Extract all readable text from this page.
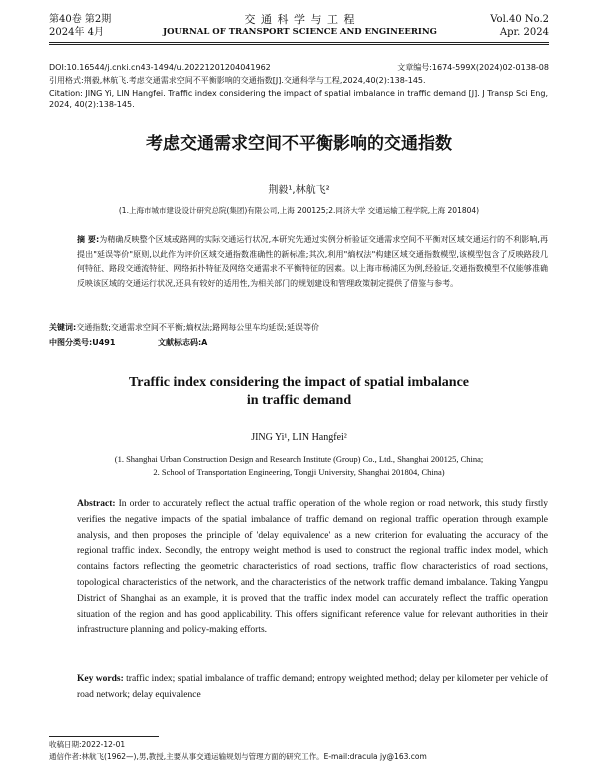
第40卷 第2期
2024年 4月
交 通 科 学 与 工 程
JOURNAL OF TRANSPORT SCIENCE AND ENGINEERING
Vol.40 No.2
Apr. 2024
DOI:10.16544/j.cnki.cn43-1494/u.20221201204041962	文章编号:1674-599X(2024)02-0138-08
引用格式:荆毅,林航飞.考虑交通需求空间不平衡影响的交通指数[J].交通科学与工程,2024,40(2):138-145.
Citation: JING Yi, LIN Hangfei. Traffic index considering the impact of spatial imbalance in traffic demand [J]. J Transp Sci Eng, 2024, 40(2):138-145.
考虑交通需求空间不平衡影响的交通指数
荆毅¹,林航飞²
(1.上海市城市建设设计研究总院(集团)有限公司,上海 200125;2.同济大学 交通运输工程学院,上海 201804)
摘 要:为精确反映整个区域或路网的实际交通运行状况,本研究先通过实例分析验证交通需求空间不平衡对区域交通运行的不利影响,再提出"延误等价"原则,以此作为评价区域交通指数准确性的新标准;其次,利用"熵权法"构建区域交通指数模型,该模型包含了反映路段几何特征、路段交通流特征、网络拓扑特征及网络交通需求不平衡特征的因素。以上海市杨浦区为例,经验证,交通指数模型不仅能够准确反映该区域的交通运行状况,还具有较好的适用性,为相关部门的规划建设和管理政策制定提供了借鉴与参考。
关键词:交通指数;交通需求空间不平衡;熵权法;路网每公里车均延误;延误等价
中图分类号:U491	文献标志码:A
Traffic index considering the impact of spatial imbalance
in traffic demand
JING Yi¹, LIN Hangfei²
(1. Shanghai Urban Construction Design and Research Institute (Group) Co., Ltd., Shanghai 200125, China;
2. School of Transportation Engineering, Tongji University, Shanghai 201804, China)
Abstract: In order to accurately reflect the actual traffic operation of the whole region or road network, this study firstly verifies the negative impacts of the spatial imbalance of traffic demand on regional traffic operation through example analysis, and then proposes the principle of 'delay equivalence' as a new criterion for evaluating the accuracy of the regional traffic index. Secondly, the entropy weight method is used to construct the regional traffic index model, which contains factors reflecting the geometric characteristics of road sections, traffic flow characteristics of road sections, topological characteristics of the network, and the characteristics of the network traffic demand imbalance. Taking Yangpu District of Shanghai as an example, it is proved that the traffic index model can accurately reflect the traffic operation situation of the region and has good applicability. This offers significant reference value for relevant authorities in their infrastructure planning and policy-making efforts.
Key words: traffic index; spatial imbalance of traffic demand; entropy weighted method; delay per kilometer per vehicle of road network; delay equivalence
收稿日期:2022-12-01
通信作者:林航飞(1962—),男,教授,主要从事交通运输规划与管理方面的研究工作。E-mail:dracula jy@163.com
